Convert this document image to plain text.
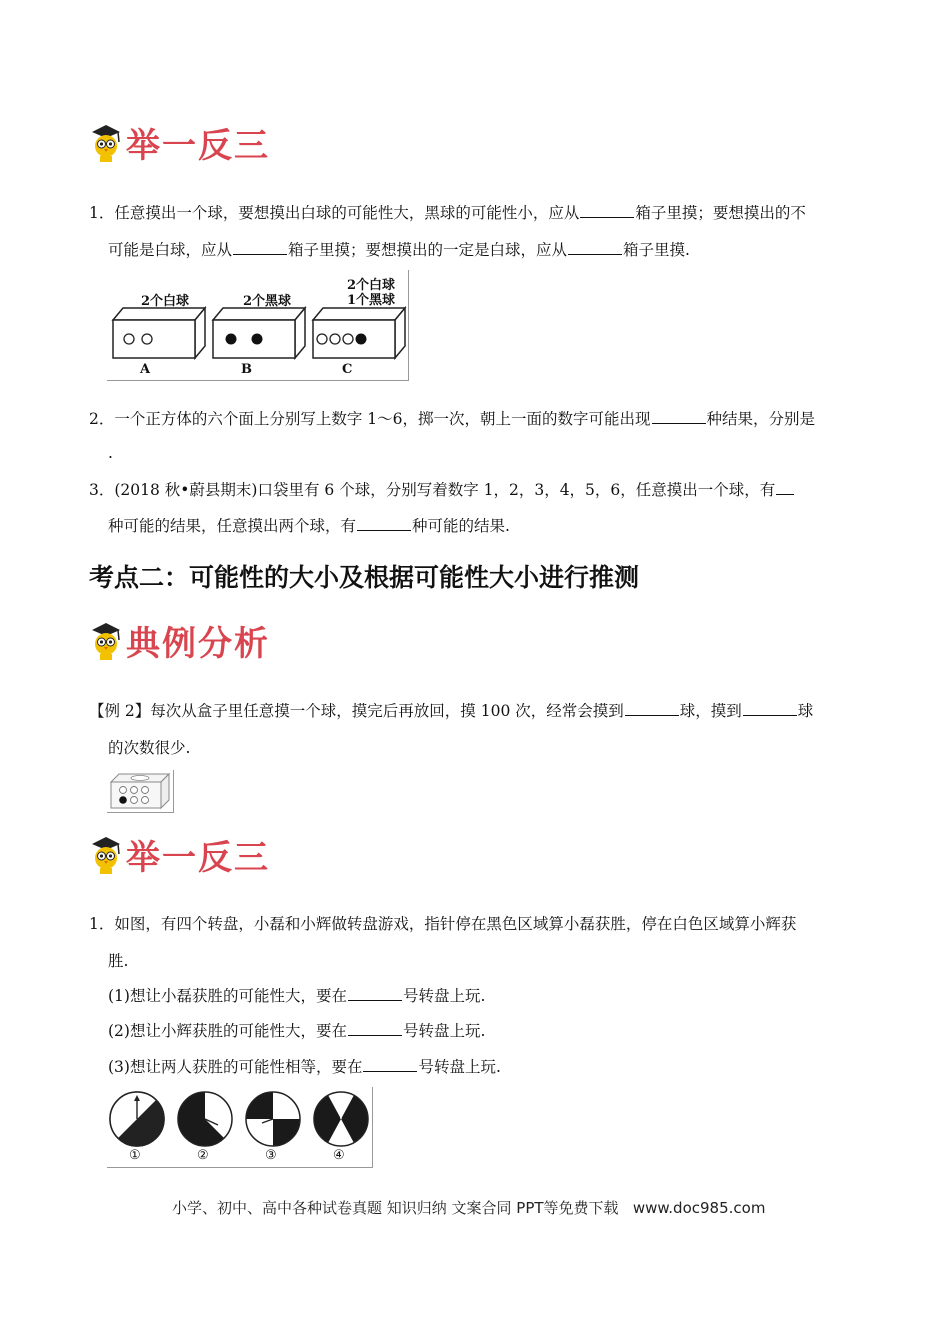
举一反三
1．任意摸出一个球，要想摸出白球的可能性大，黑球的可能性小，应从	箱子里摸；要想摸出的不
可能是白球，应从	箱子里摸；要想摸出的一定是白球，应从	箱子里摸.
2个白球	2个黑球
2个白球
1个黑球
A	B	C
2．一个正方体的六个面上分别写上数字 1～6，掷一次，朝上一面的数字可能出现	种结果，分别是
.
3．(2018 秋•蔚县期末)口袋里有 6 个球，分别写着数字 1，2，3，4，5，6，任意摸出一个球，有
种可能的结果，任意摸出两个球，有	种可能的结果.
考点二：可能性的大小及根据可能性大小进行推测
典例分析
【例 2】每次从盒子里任意摸一个球，摸完后再放回，摸 100 次，经常会摸到	球，摸到	球
的次数很少.
举一反三
1．如图，有四个转盘，小磊和小辉做转盘游戏，指针停在黑色区域算小磊获胜，停在白色区域算小辉获
胜.
(1)想让小磊获胜的可能性大，要在	号转盘上玩.
(2)想让小辉获胜的可能性大，要在	号转盘上玩.
(3)想让两人获胜的可能性相等，要在	号转盘上玩.
①	②	③	④
小学、初中、高中各种试卷真题 知识归纳 文案合同 PPT等免费下载   www.doc985.com
